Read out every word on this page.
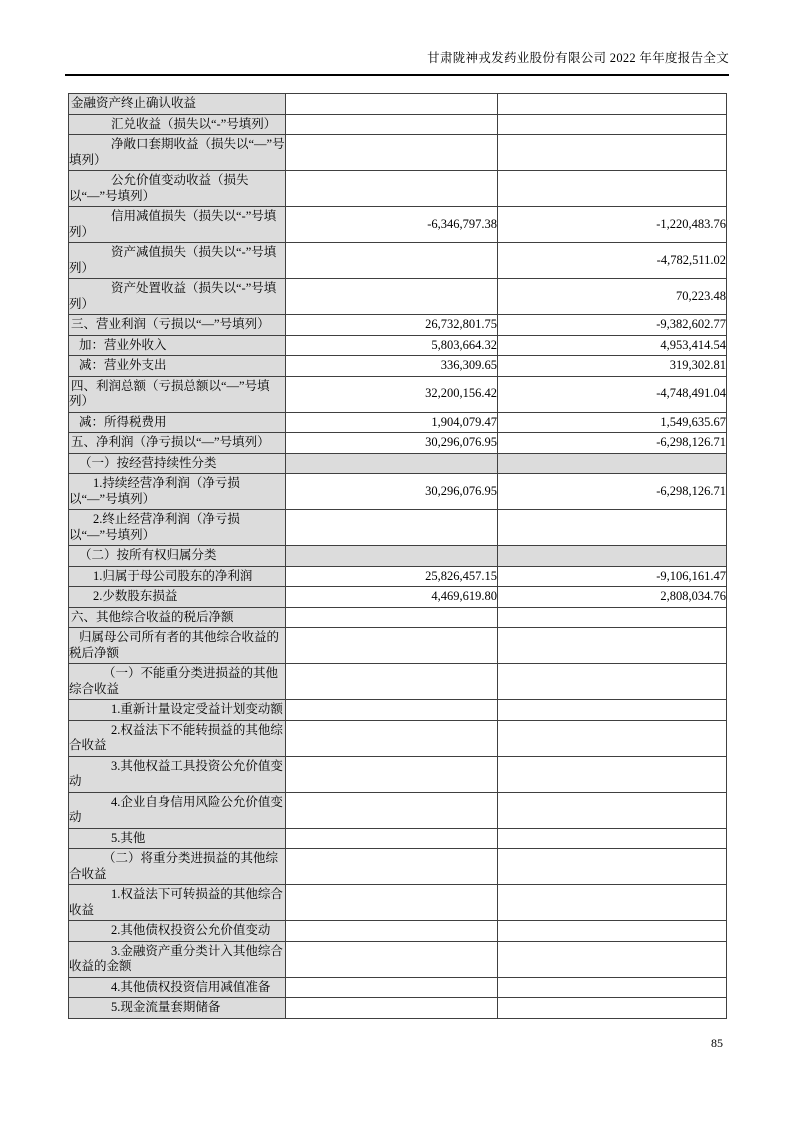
甘肃陇神戎发药业股份有限公司 2022 年年度报告全文
金融资产终止确认收益		
汇兑收益（损失以“-”号填列）		
净敞口套期收益（损失以“—”号填列）		
公允价值变动收益（损失以“—”号填列）		
信用减值损失（损失以“-”号填列）	-6,346,797.38	-1,220,483.76
资产减值损失（损失以“-”号填列）		-4,782,511.02
资产处置收益（损失以“-”号填列）		70,223.48
三、营业利润（亏损以“—”号填列）	26,732,801.75	-9,382,602.77
加：营业外收入	5,803,664.32	4,953,414.54
减：营业外支出	336,309.65	319,302.81
四、利润总额（亏损总额以“—”号填列）	32,200,156.42	-4,748,491.04
减：所得税费用	1,904,079.47	1,549,635.67
五、净利润（净亏损以“—”号填列）	30,296,076.95	-6,298,126.71
（一）按经营持续性分类		
1.持续经营净利润（净亏损以“—”号填列）	30,296,076.95	-6,298,126.71
2.终止经营净利润（净亏损以“—”号填列）		
（二）按所有权归属分类		
1.归属于母公司股东的净利润	25,826,457.15	-9,106,161.47
2.少数股东损益	4,469,619.80	2,808,034.76
六、其他综合收益的税后净额		
归属母公司所有者的其他综合收益的税后净额		
（一）不能重分类进损益的其他综合收益		
1.重新计量设定受益计划变动额		
2.权益法下不能转损益的其他综合收益		
3.其他权益工具投资公允价值变动		
4.企业自身信用风险公允价值变动		
5.其他		
（二）将重分类进损益的其他综合收益		
1.权益法下可转损益的其他综合收益		
2.其他债权投资公允价值变动		
3.金融资产重分类计入其他综合收益的金额		
4.其他债权投资信用减值准备		
5.现金流量套期储备		
85
